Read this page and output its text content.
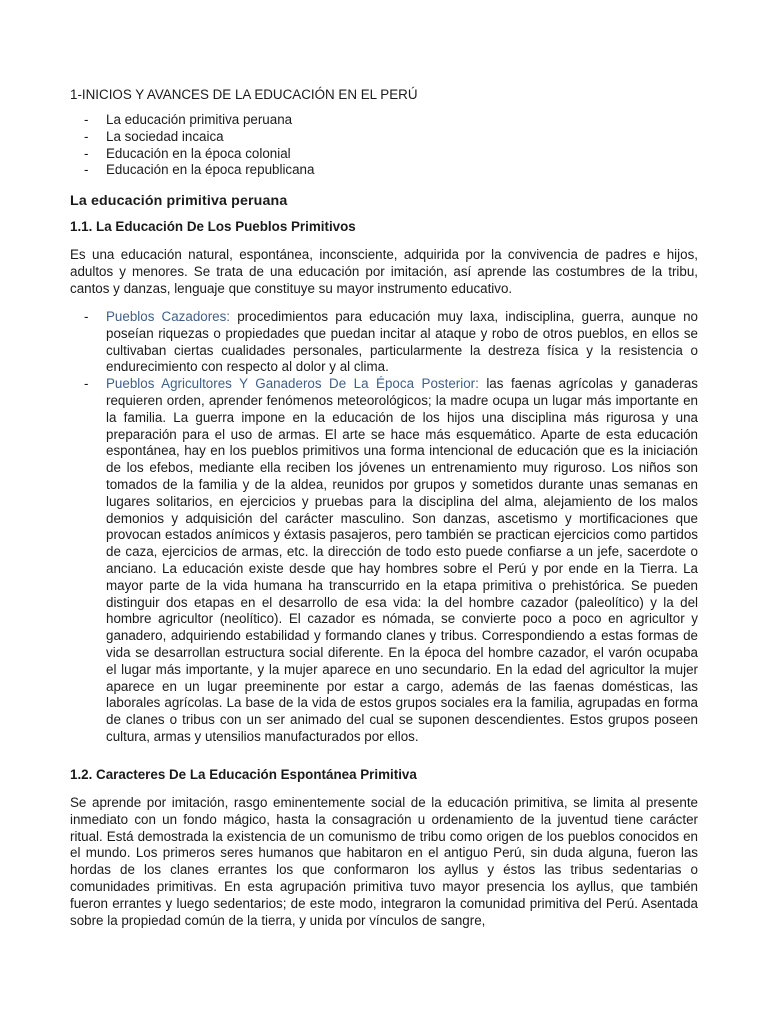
1-INICIOS Y AVANCES DE LA EDUCACIÓN EN EL PERÚ
- La educación primitiva peruana
- La sociedad incaica
- Educación en la época colonial
- Educación en la época republicana
La educación primitiva peruana
1.1. La Educación De Los Pueblos Primitivos
Es una educación natural, espontánea, inconsciente, adquirida por la convivencia de padres e hijos, adultos y menores. Se trata de una educación por imitación, así aprende las costumbres de la tribu, cantos y danzas, lenguaje que constituye su mayor instrumento educativo.
- Pueblos Cazadores: procedimientos para educación muy laxa, indisciplina, guerra, aunque no poseían riquezas o propiedades que puedan incitar al ataque y robo de otros pueblos, en ellos se cultivaban ciertas cualidades personales, particularmente la destreza física y la resistencia o endurecimiento con respecto al dolor y al clima.
- Pueblos Agricultores Y Ganaderos De La Época Posterior: las faenas agrícolas y ganaderas requieren orden, aprender fenómenos meteorológicos; la madre ocupa un lugar más importante en la familia. La guerra impone en la educación de los hijos una disciplina más rigurosa y una preparación para el uso de armas. El arte se hace más esquemático. Aparte de esta educación espontánea, hay en los pueblos primitivos una forma intencional de educación que es la iniciación de los efebos, mediante ella reciben los jóvenes un entrenamiento muy riguroso. Los niños son tomados de la familia y de la aldea, reunidos por grupos y sometidos durante unas semanas en lugares solitarios, en ejercicios y pruebas para la disciplina del alma, alejamiento de los malos demonios y adquisición del carácter masculino. Son danzas, ascetismo y mortificaciones que provocan estados anímicos y éxtasis pasajeros, pero también se practican ejercicios como partidos de caza, ejercicios de armas, etc. la dirección de todo esto puede confiarse a un jefe, sacerdote o anciano. La educación existe desde que hay hombres sobre el Perú y por ende en la Tierra. La mayor parte de la vida humana ha transcurrido en la etapa primitiva o prehistórica. Se pueden distinguir dos etapas en el desarrollo de esa vida: la del hombre cazador (paleolítico) y la del hombre agricultor (neolítico). El cazador es nómada, se convierte poco a poco en agricultor y ganadero, adquiriendo estabilidad y formando clanes y tribus. Correspondiendo a estas formas de vida se desarrollan estructura social diferente. En la época del hombre cazador, el varón ocupaba el lugar más importante, y la mujer aparece en uno secundario. En la edad del agricultor la mujer aparece en un lugar preeminente por estar a cargo, además de las faenas domésticas, las laborales agrícolas. La base de la vida de estos grupos sociales era la familia, agrupadas en forma de clanes o tribus con un ser animado del cual se suponen descendientes. Estos grupos poseen cultura, armas y utensilios manufacturados por ellos.
1.2. Caracteres De La Educación Espontánea Primitiva
Se aprende por imitación, rasgo eminentemente social de la educación primitiva, se limita al presente inmediato con un fondo mágico, hasta la consagración u ordenamiento de la juventud tiene carácter ritual. Está demostrada la existencia de un comunismo de tribu como origen de los pueblos conocidos en el mundo. Los primeros seres humanos que habitaron en el antiguo Perú, sin duda alguna, fueron las hordas de los clanes errantes los que conformaron los ayllus y éstos las tribus sedentarias o comunidades primitivas. En esta agrupación primitiva tuvo mayor presencia los ayllus, que también fueron errantes y luego sedentarios; de este modo, integraron la comunidad primitiva del Perú. Asentada sobre la propiedad común de la tierra, y unida por vínculos de sangre,
